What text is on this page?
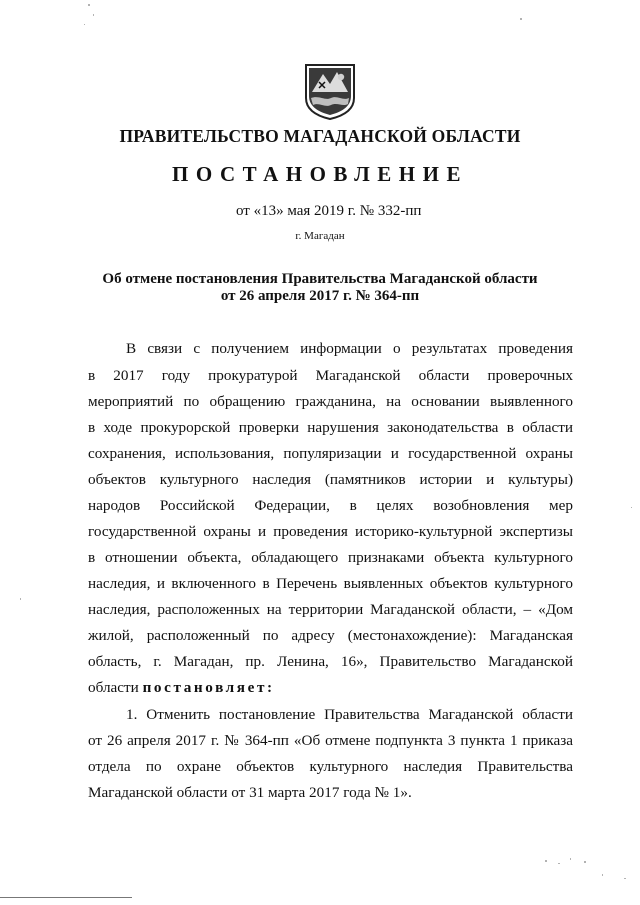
ПРАВИТЕЛЬСТВО МАГАДАНСКОЙ ОБЛАСТИ
ПОСТАНОВЛЕНИЕ
от «13» мая 2019 г. № 332-пп
г. Магадан
Об отмене постановления Правительства Магаданской области
от 26 апреля 2017 г. № 364-пп
В связи с получением информации о результатах проведения
в 2017 году прокуратурой Магаданской области проверочных
мероприятий по обращению гражданина, на основании выявленного
в ходе прокурорской проверки нарушения законодательства в области
сохранения, использования, популяризации и государственной охраны
объектов культурного наследия (памятников истории и культуры)
народов Российской Федерации, в целях возобновления мер
государственной охраны и проведения историко-культурной экспертизы
в отношении объекта, обладающего признаками объекта культурного
наследия, и включенного в Перечень выявленных объектов культурного
наследия, расположенных на территории Магаданской области, – «Дом
жилой, расположенный по адресу (местонахождение): Магаданская
область, г. Магадан, пр. Ленина, 16», Правительство Магаданской
области постановляет:
1. Отменить постановление Правительства Магаданской области
от 26 апреля 2017 г. № 364-пп «Об отмене подпункта 3 пункта 1 приказа
отдела по охране объектов культурного наследия Правительства
Магаданской области от 31 марта 2017 года № 1».
